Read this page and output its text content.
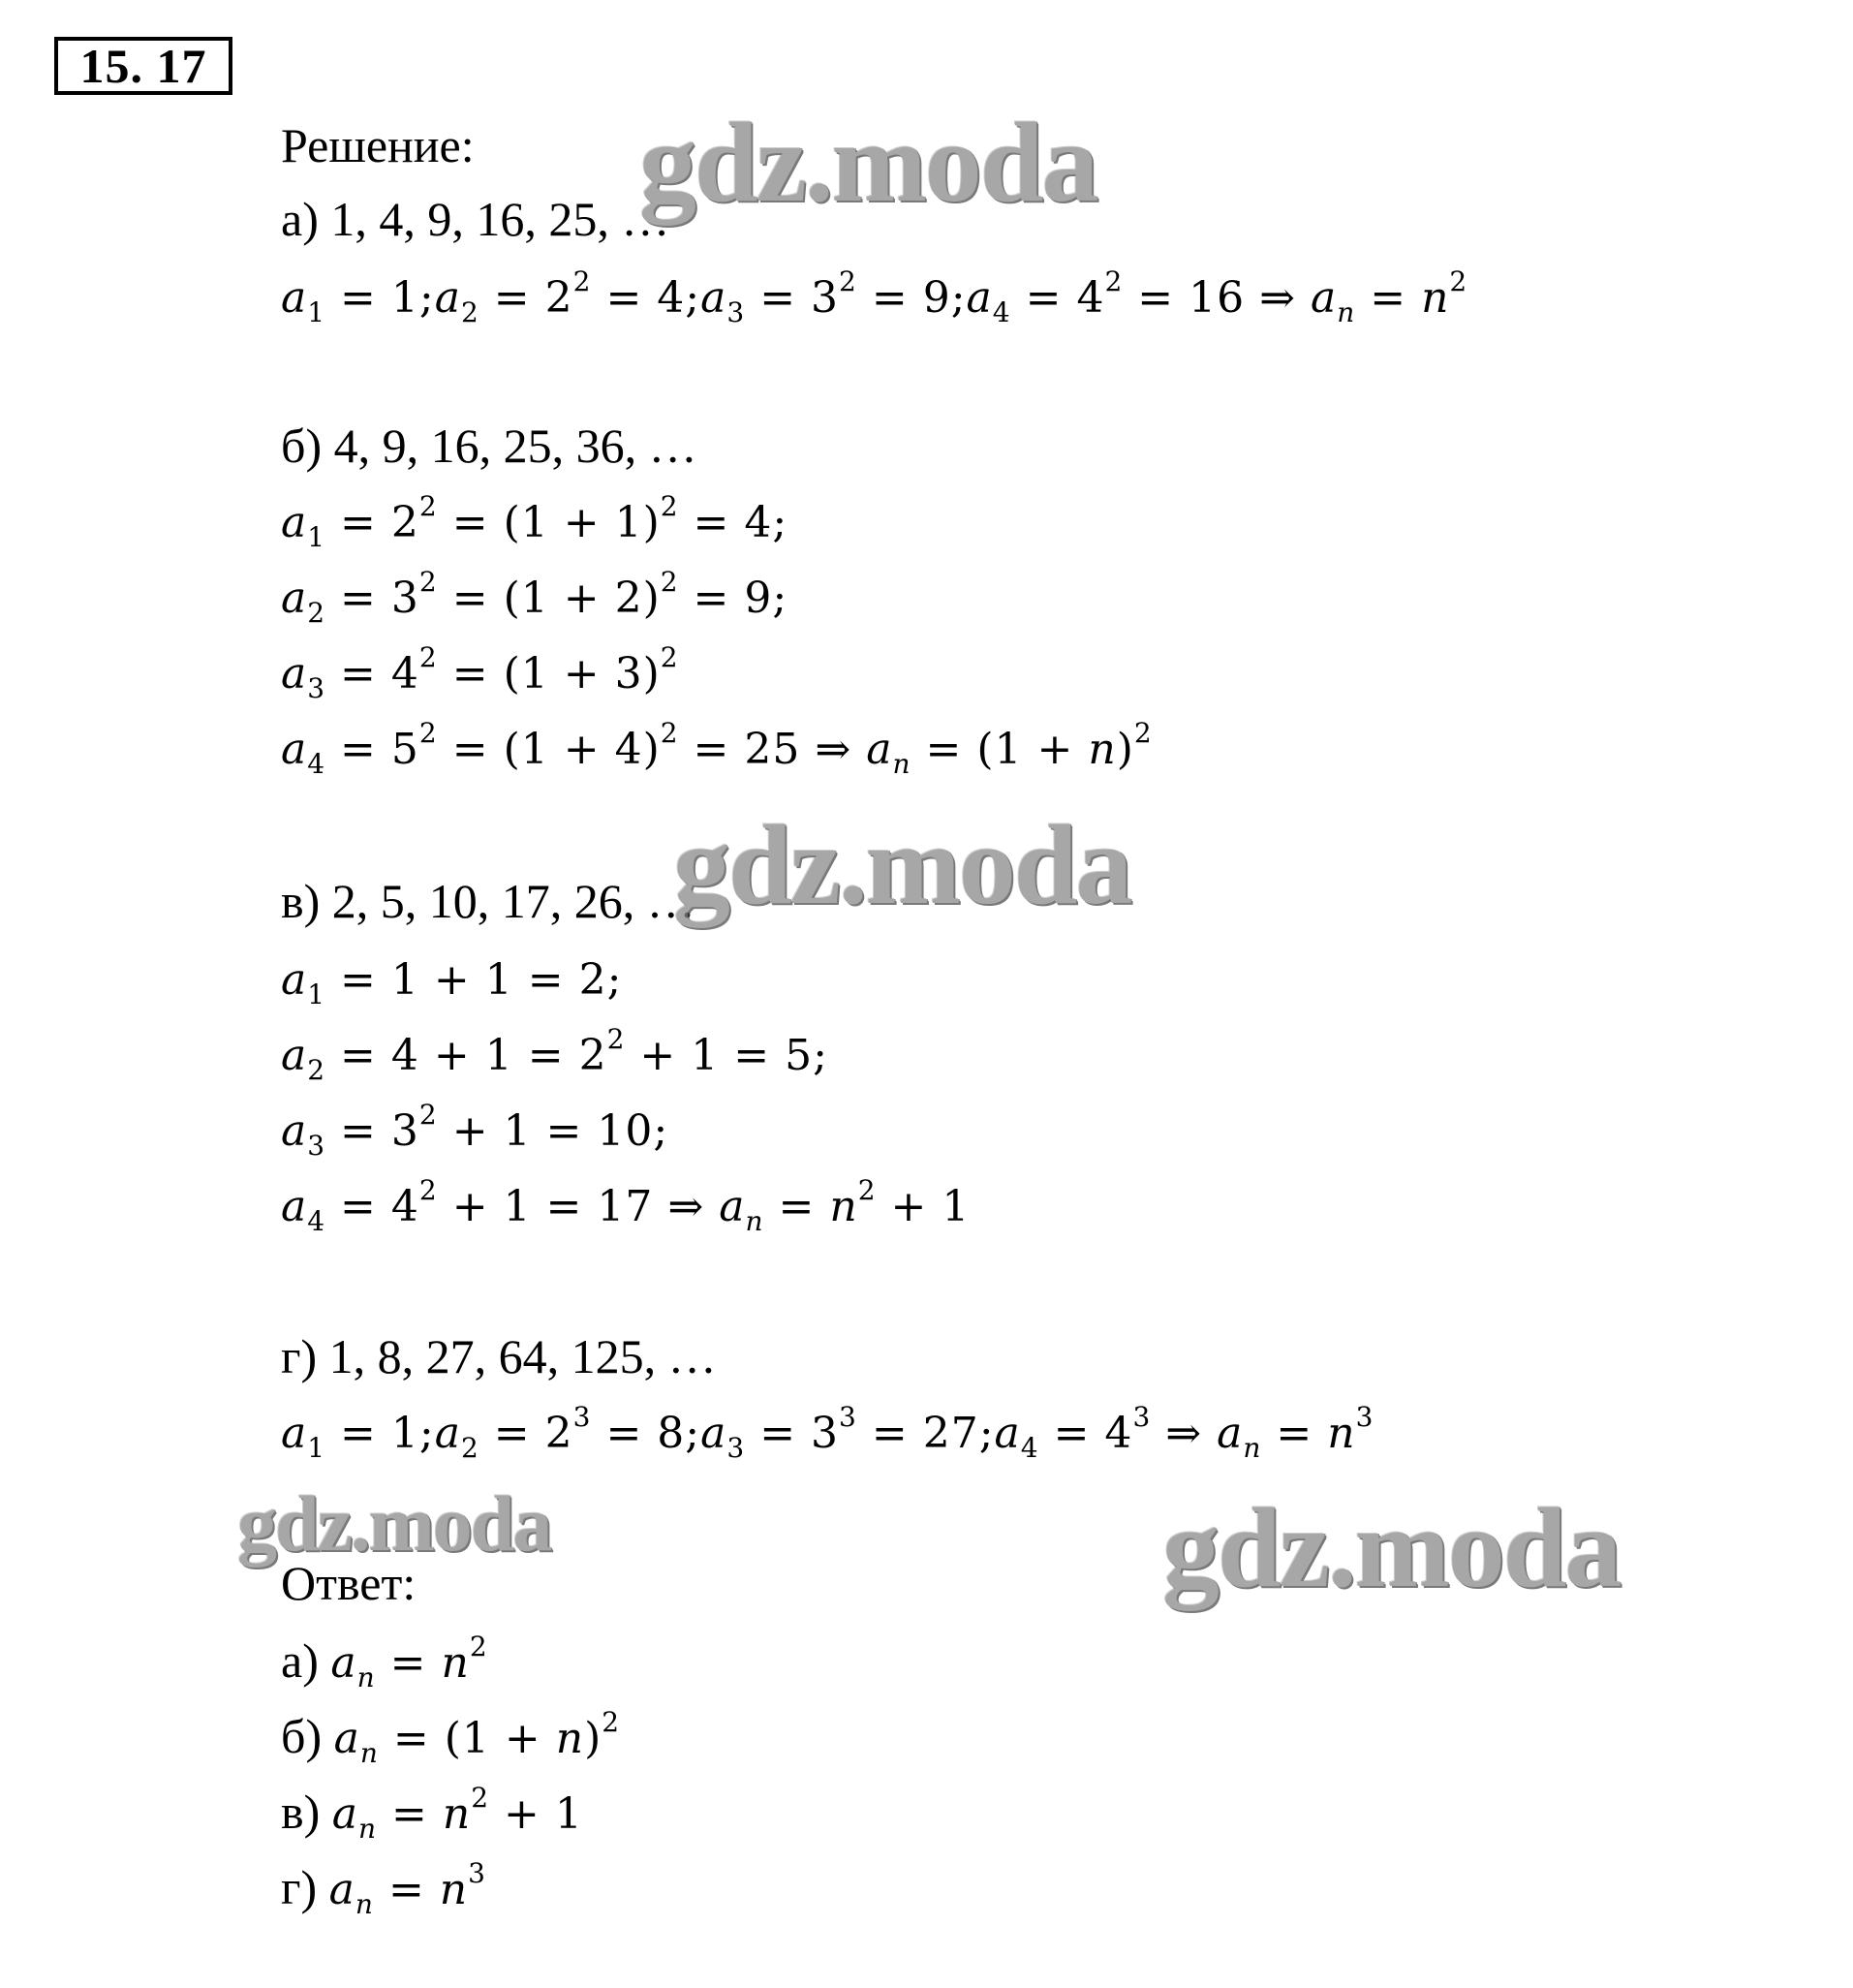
15. 17
Решение:
а) 1, 4, 9, 16, 25, …
$a_1$ = $1;a_2 = 2^2$ = $4;a_3 = 3^2$ = $9;a_4 = 4^2 = 16$ ⇒ $a_n = n^2$
б) 4, 9, 16, 25, 36, …
$a_1 = 2^2 = (1 + 1)^2 = 4$;
$a_2 = 3^2 = (1 + 2)^2 = 9$;
$a_3 = 4^2 = (1 + 3)^2$
$a_4 = 5^2 = (1 + 4)^2 = 25$ ⇒ $a_n = (1 + n)^2$
в) 2, 5, 10, 17, 26, …
$a_1 = 1 + 1 = 2$;
$a_2 = 4 + 1 = 2^2 + 1 = 5$;
$a_3 = 3^2 + 1 = 10$;
$a_4 = 4^2 + 1 = 17$ ⇒ $a_n = n^2 + 1$
г) 1, 8, 27, 64, 125, …
$a_1$ = $1;a_2 = 2^3$ = $8;a_3 = 3^3$ = $27;a_4 = 4^3$ ⇒ $a_n = n^3$
Ответ:
а) $a_n = n^2$
б) $a_n = (1 + n)^2$
в) $a_n = n^2 + 1$
г) $a_n = n^3$
gdz.moda
gdz.moda
gdz.moda	gdz.moda
